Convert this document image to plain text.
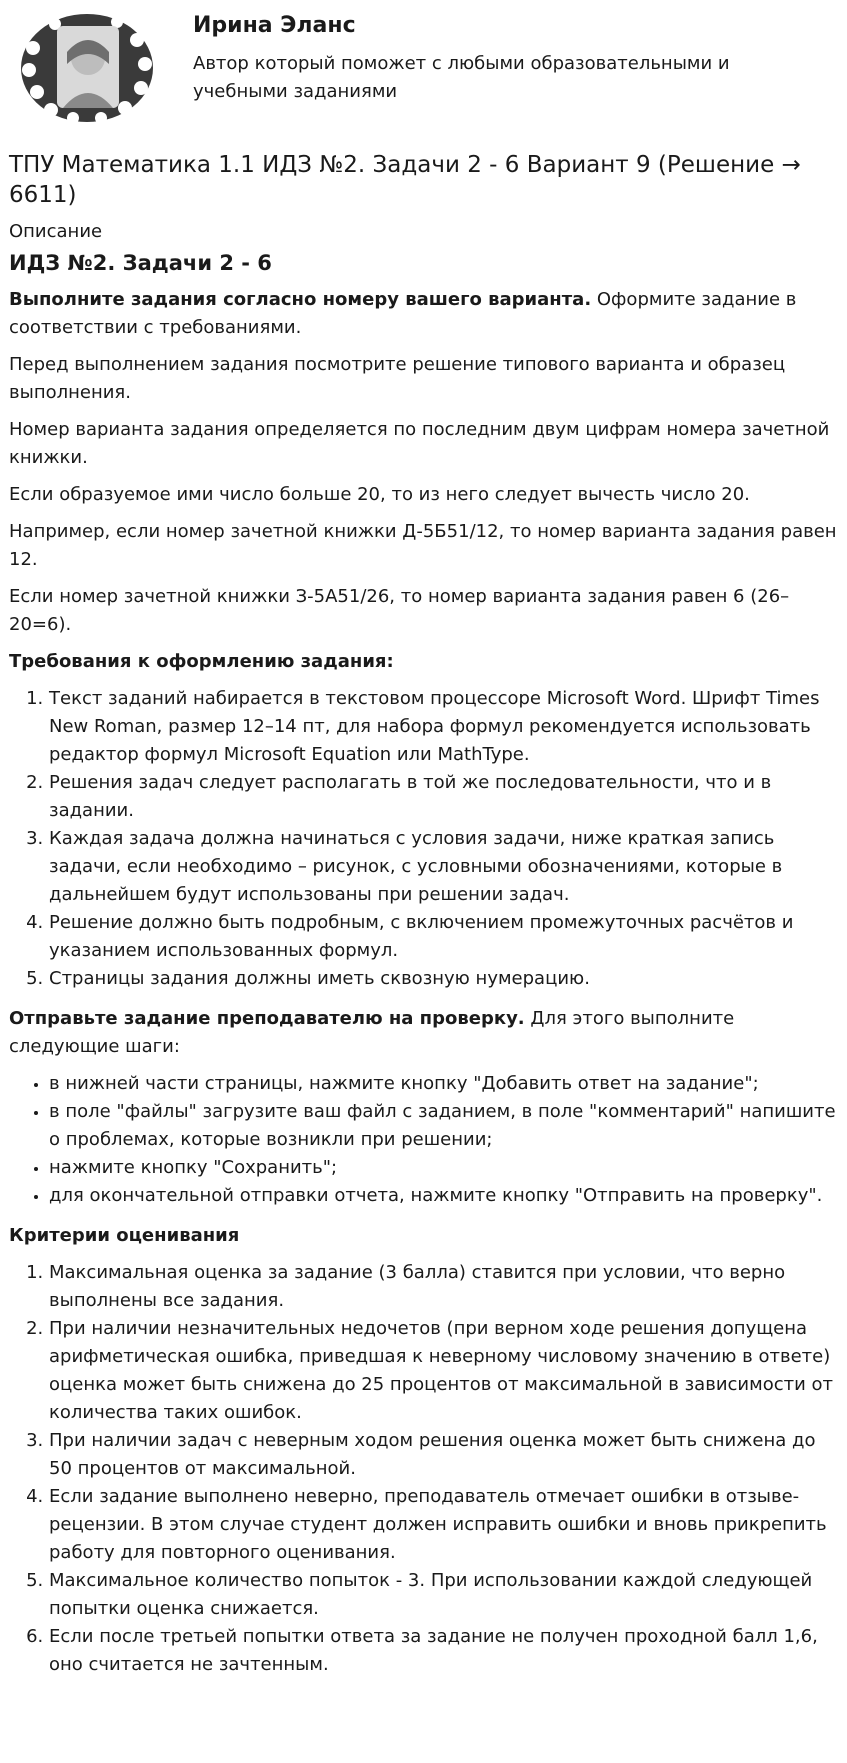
Ирина Эланс
Автор который поможет с любыми образовательными и учебными заданиями
ТПУ Математика 1.1 ИДЗ №2. Задачи 2 - 6 Вариант 9 (Решение → 6611)
Описание
ИДЗ №2. Задачи 2 - 6

Выполните задания согласно номеру вашего варианта. Оформите задание в соответствии с требованиями.

Перед выполнением задания посмотрите решение типового варианта и образец выполнения.

Номер варианта задания определяется по последним двум цифрам номера зачетной книжки.

Если образуемое ими число больше 20, то из него следует вычесть число 20.

Например, если номер зачетной книжки Д-5Б51/12, то номер варианта задания равен 12.

Если номер зачетной книжки З-5А51/26, то номер варианта задания равен 6 (26–20=6).

Требования к оформлению задания:

1. Текст заданий набирается в текстовом процессоре Microsoft Word. Шрифт Times New Roman, размер 12–14 пт, для набора формул рекомендуется использовать редактор формул Microsoft Equation или MathType.
2. Решения задач следует располагать в той же последовательности, что и в задании.
3. Каждая задача должна начинаться с условия задачи, ниже краткая запись задачи, если необходимо – рисунок, с условными обозначениями, которые в дальнейшем будут использованы при решении задач.
4. Решение должно быть подробным, с включением промежуточных расчётов и указанием использованных формул.
5. Страницы задания должны иметь сквозную нумерацию.

Отправьте задание преподавателю на проверку. Для этого выполните следующие шаги:

• в нижней части страницы, нажмите кнопку "Добавить ответ на задание";
• в поле "файлы" загрузите ваш файл с заданием, в поле "комментарий" напишите о проблемах, которые возникли при решении;
• нажмите кнопку "Сохранить";
• для окончательной отправки отчета, нажмите кнопку "Отправить на проверку".

Критерии оценивания

1. Максимальная оценка за задание (3 балла) ставится при условии, что верно выполнены все задания.
2. При наличии незначительных недочетов (при верном ходе решения допущена арифметическая ошибка, приведшая к неверному числовому значению в ответе) оценка может быть снижена до 25 процентов от максимальной в зависимости от количества таких ошибок.
3. При наличии задач с неверным ходом решения оценка может быть снижена до 50 процентов от максимальной.
4. Если задание выполнено неверно, преподаватель отмечает ошибки в отзыве-рецензии. В этом случае студент должен исправить ошибки и вновь прикрепить работу для повторного оценивания.
5. Максимальное количество попыток - 3. При использовании каждой следующей попытки оценка снижается.
6. Если после третьей попытки ответа за задание не получен проходной балл 1,6, оно считается не зачтенным.
